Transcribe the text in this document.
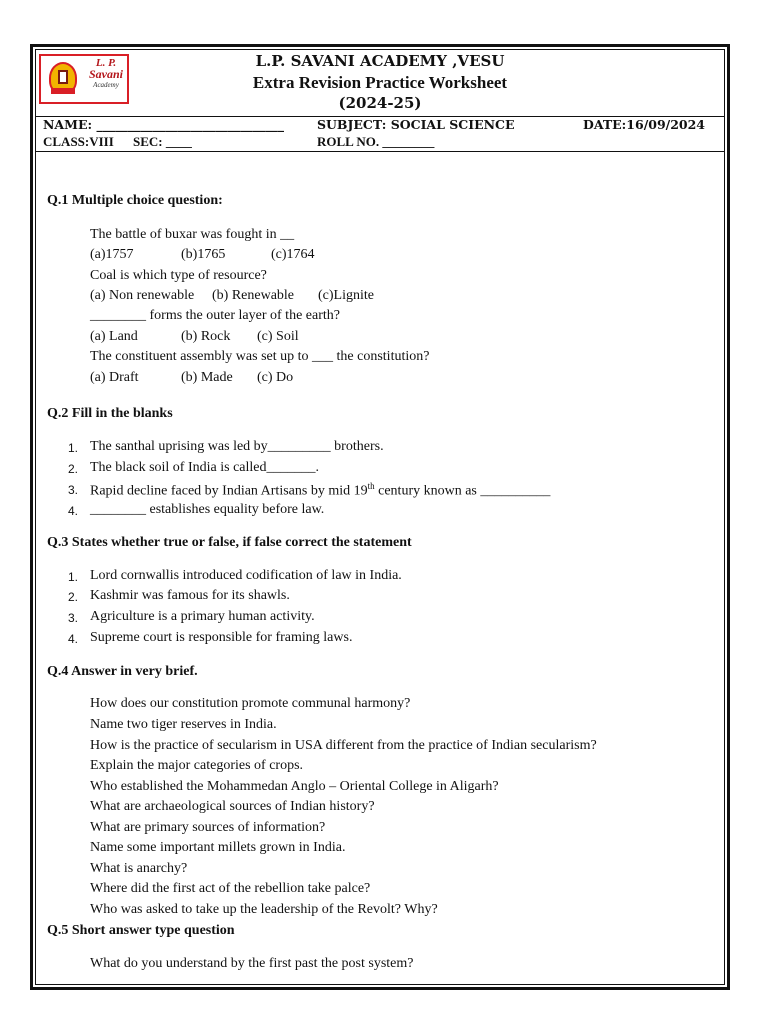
L. P.
Savani
Academy
L.P. SAVANI ACADEMY ,VESU
Extra Revision Practice Worksheet
(2024-25)
NAME: ______________________________	SUBJECT: SOCIAL SCIENCE	DATE:16/09/2024
CLASS:VIII SEC: ____	ROLL NO. ________
Q.1 Multiple choice question:
The battle of buxar was fought in __
(a)1757	(b)1765	(c)1764
Coal is which type of resource?
(a) Non renewable (b) Renewable (c)Lignite
________ forms the outer layer of the earth?
(a) Land	(b) Rock (c) Soil
The constituent assembly was set up to ___ the constitution?
(a) Draft	(b) Made (c) Do
Q.2 Fill in the blanks
1. The santhal uprising was led by_________ brothers.
2. The black soil of India is called_______.
3. Rapid decline faced by Indian Artisans by mid 19th century known as __________
4. ________ establishes equality before law.
Q.3 States whether true or false, if false correct the statement
1. Lord cornwallis introduced codification of law in India.
2. Kashmir was famous for its shawls.
3. Agriculture is a primary human activity.
4. Supreme court is responsible for framing laws.
Q.4 Answer in very brief.
How does our constitution promote communal harmony?
Name two tiger reserves in India.
How is the practice of secularism in USA different from the practice of Indian secularism?
Explain the major categories of crops.
Who established the Mohammedan Anglo – Oriental College in Aligarh?
What are archaeological sources of Indian history?
What are primary sources of information?
Name some important millets grown in India.
What is anarchy?
Where did the first act of the rebellion take palce?
Who was asked to take up the leadership of the Revolt? Why?
Q.5 Short answer type question
What do you understand by the first past the post system?
